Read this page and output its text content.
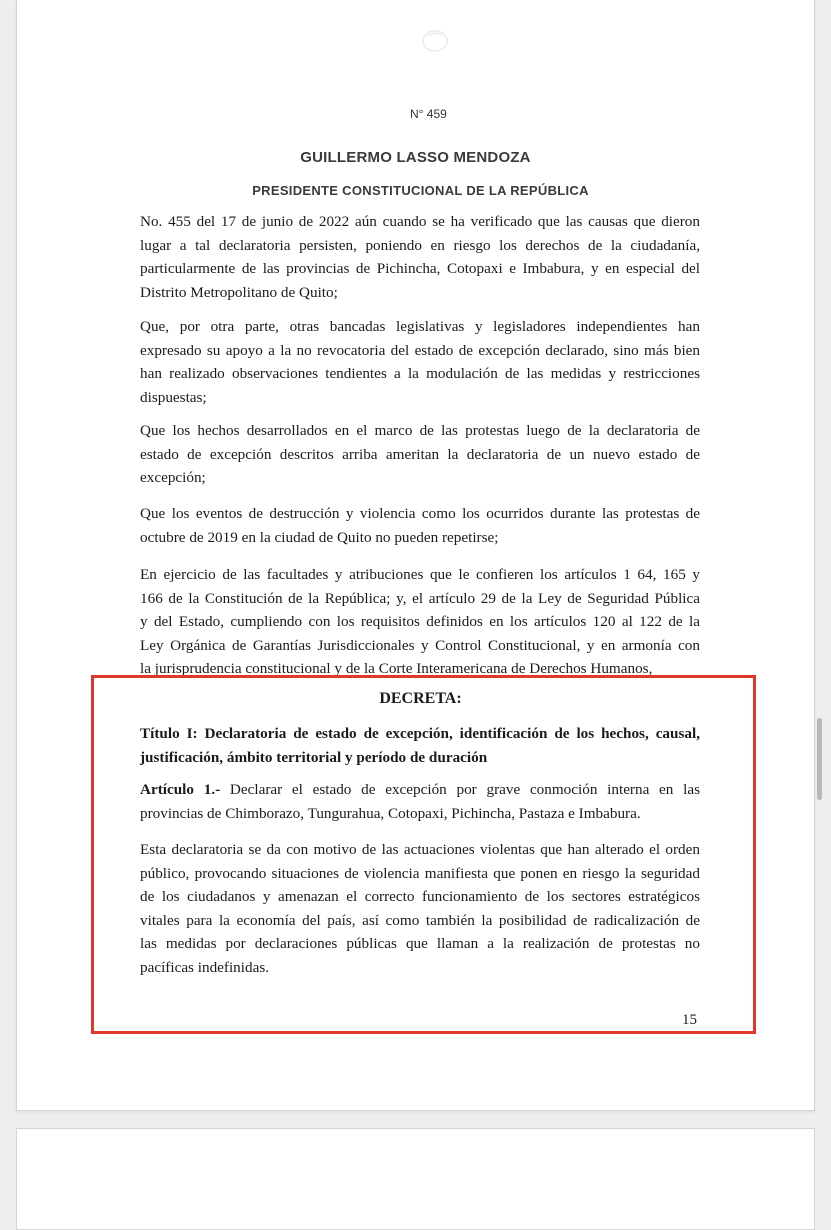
N° 459
GUILLERMO LASSO MENDOZA
PRESIDENTE CONSTITUCIONAL DE LA REPÚBLICA
No. 455 del 17 de junio de 2022 aún cuando se ha verificado que las causas que dieron
lugar a tal declaratoria persisten, poniendo en riesgo los derechos de la ciudadanía,
particularmente de las provincias de Pichincha, Cotopaxi e Imbabura, y en especial del
Distrito Metropolitano de Quito;
Que, por otra parte, otras bancadas legislativas y legisladores independientes han
expresado su apoyo a la no revocatoria del estado de excepción declarado, sino más bien
han realizado observaciones tendientes a la modulación de las medidas y restricciones
dispuestas;
Que los hechos desarrollados en el marco de las protestas luego de la declaratoria de
estado de excepción descritos arriba ameritan la declaratoria de un nuevo estado de
excepción;
Que los eventos de destrucción y violencia como los ocurridos durante las protestas de
octubre de 2019 en la ciudad de Quito no pueden repetirse;
En ejercicio de las facultades y atribuciones que le confieren los artículos 1 64, 165 y
166 de la Constitución de la República; y, el artículo 29 de la Ley de Seguridad Pública
y del Estado, cumpliendo con los requisitos definidos en los artículos 120 al 122 de la
Ley Orgánica de Garantías Jurisdiccionales y Control Constitucional, y en armonía con
la jurisprudencia constitucional y de la Corte Interamericana de Derechos Humanos,
DECRETA:
Título I: Declaratoria de estado de excepción, identificación de los hechos, causal,
justificación, ámbito territorial y período de duración
Artículo 1.- Declarar el estado de excepción por grave conmoción interna en las
provincias de Chimborazo, Tungurahua, Cotopaxi, Pichincha, Pastaza e Imbabura.
Esta declaratoria se da con motivo de las actuaciones violentas que han alterado el orden
público, provocando situaciones de violencia manifiesta que ponen en riesgo la seguridad
de los ciudadanos y amenazan el correcto funcionamiento de los sectores estratégicos
vitales para la economía del país, así como también la posibilidad de radicalización de
las medidas por declaraciones públicas que llaman a la realización de protestas no
pacíficas indefinidas.
15
